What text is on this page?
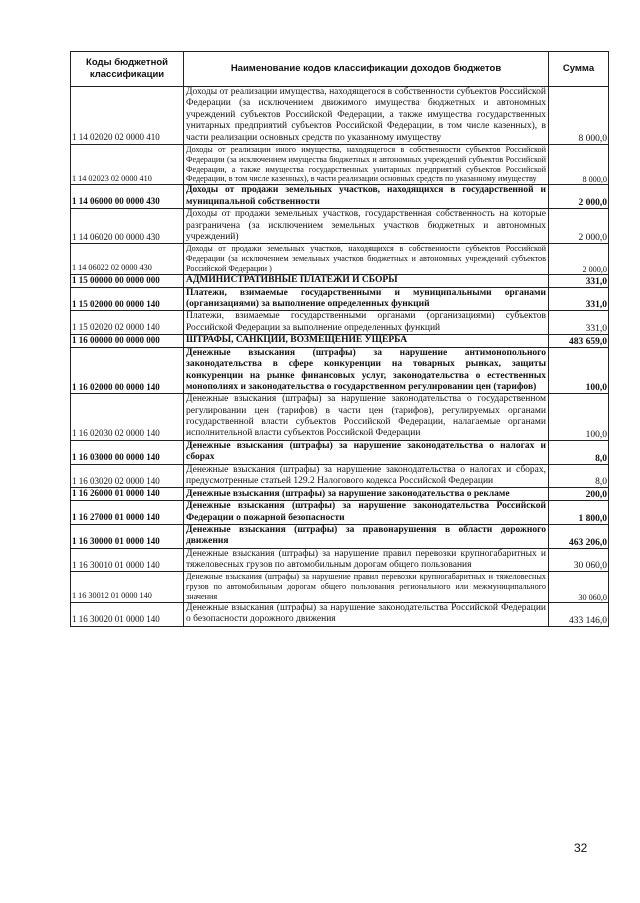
Коды бюджетной классификации	Наименование кодов классификации доходов бюджетов	Сумма
1 14 02020 02 0000 410	Доходы от реализации имущества, находящегося в собственности субъектов Российской Федерации (за исключением движимого имущества бюджетных и автономных учреждений субъектов Российской Федерации, а также имущества государственных унитарных предприятий субъектов Российской Федерации, в том числе казенных), в части реализации основных средств по указанному имуществу	8 000,0
1 14 02023 02 0000 410	Доходы от реализации иного имущества, находящегося в собственности субъектов Российской Федерации (за исключением имущества бюджетных и автономных учреждений субъектов Российской Федерации, а также имущества государственных унитарных предприятий субъектов Российской Федерации, в том числе казенных), в части реализации основных средств по указанному имуществу	8 000,0
1 14 06000 00 0000 430	Доходы от продажи земельных участков, находящихся в государственной и муниципальной собственности	2 000,0
1 14 06020 00 0000 430	Доходы от продажи земельных участков, государственная собственность на которые разграничена (за исключением земельных участков бюджетных и автономных учреждений)	2 000,0
1 14 06022 02 0000 430	Доходы от продажи земельных участков, находящихся в собственности субъектов Российской Федерации (за исключением земельных участков бюджетных и автономных учреждений субъектов Российской Федерации )	2 000,0
1 15 00000 00 0000 000	АДМИНИСТРАТИВНЫЕ ПЛАТЕЖИ И СБОРЫ	331,0
1 15 02000 00 0000 140	Платежи, взимаемые государственными и муниципальными органами (организациями) за выполнение определенных функций	331,0
1 15 02020 02 0000 140	Платежи, взимаемые государственными органами (организациями) субъектов Российской Федерации за выполнение определенных функций	331,0
1 16 00000 00 0000 000	ШТРАФЫ, САНКЦИИ, ВОЗМЕЩЕНИЕ УЩЕРБА	483 659,0
1 16 02000 00 0000 140	Денежные взыскания (штрафы) за нарушение антимонопольного законодательства в сфере конкуренции на товарных рынках, защиты конкуренции на рынке финансовых услуг, законодательства о естественных монополиях и законодательства о государственном регулировании цен (тарифов)	100,0
1 16 02030 02 0000 140	Денежные взыскания (штрафы) за нарушение законодательства о государственном регулировании цен (тарифов) в части цен (тарифов), регулируемых органами государственной власти субъектов Российской Федерации, налагаемые органами исполнительной власти субъектов Российской Федерации	100,0
1 16 03000 00 0000 140	Денежные взыскания (штрафы) за нарушение законодательства о налогах и сборах	8,0
1 16 03020 02 0000 140	Денежные взыскания (штрафы) за нарушение законодательства о налогах и сборах, предусмотренные статьей 129.2 Налогового кодекса Российской Федерации	8,0
1 16 26000 01 0000 140	Денежные взыскания (штрафы) за нарушение законодательства о рекламе	200,0
1 16 27000 01 0000 140	Денежные взыскания (штрафы) за нарушение законодательства Российской Федерации о пожарной безопасности	1 800,0
1 16 30000 01 0000 140	Денежные взыскания (штрафы) за правонарушения в области дорожного движения	463 206,0
1 16 30010 01 0000 140	Денежные взыскания (штрафы) за нарушение правил перевозки крупногабаритных и тяжеловесных грузов по автомобильным дорогам общего пользования	30 060,0
1 16 30012 01 0000 140	Денежные взыскания (штрафы) за нарушение правил перевозки крупногабаритных и тяжеловесных грузов по автомобильным дорогам общего пользования регионального или межмуниципального значения	30 060,0
1 16 30020 01 0000 140	Денежные взыскания (штрафы) за нарушение законодательства Российской Федерации о безопасности дорожного движения	433 146,0
32
